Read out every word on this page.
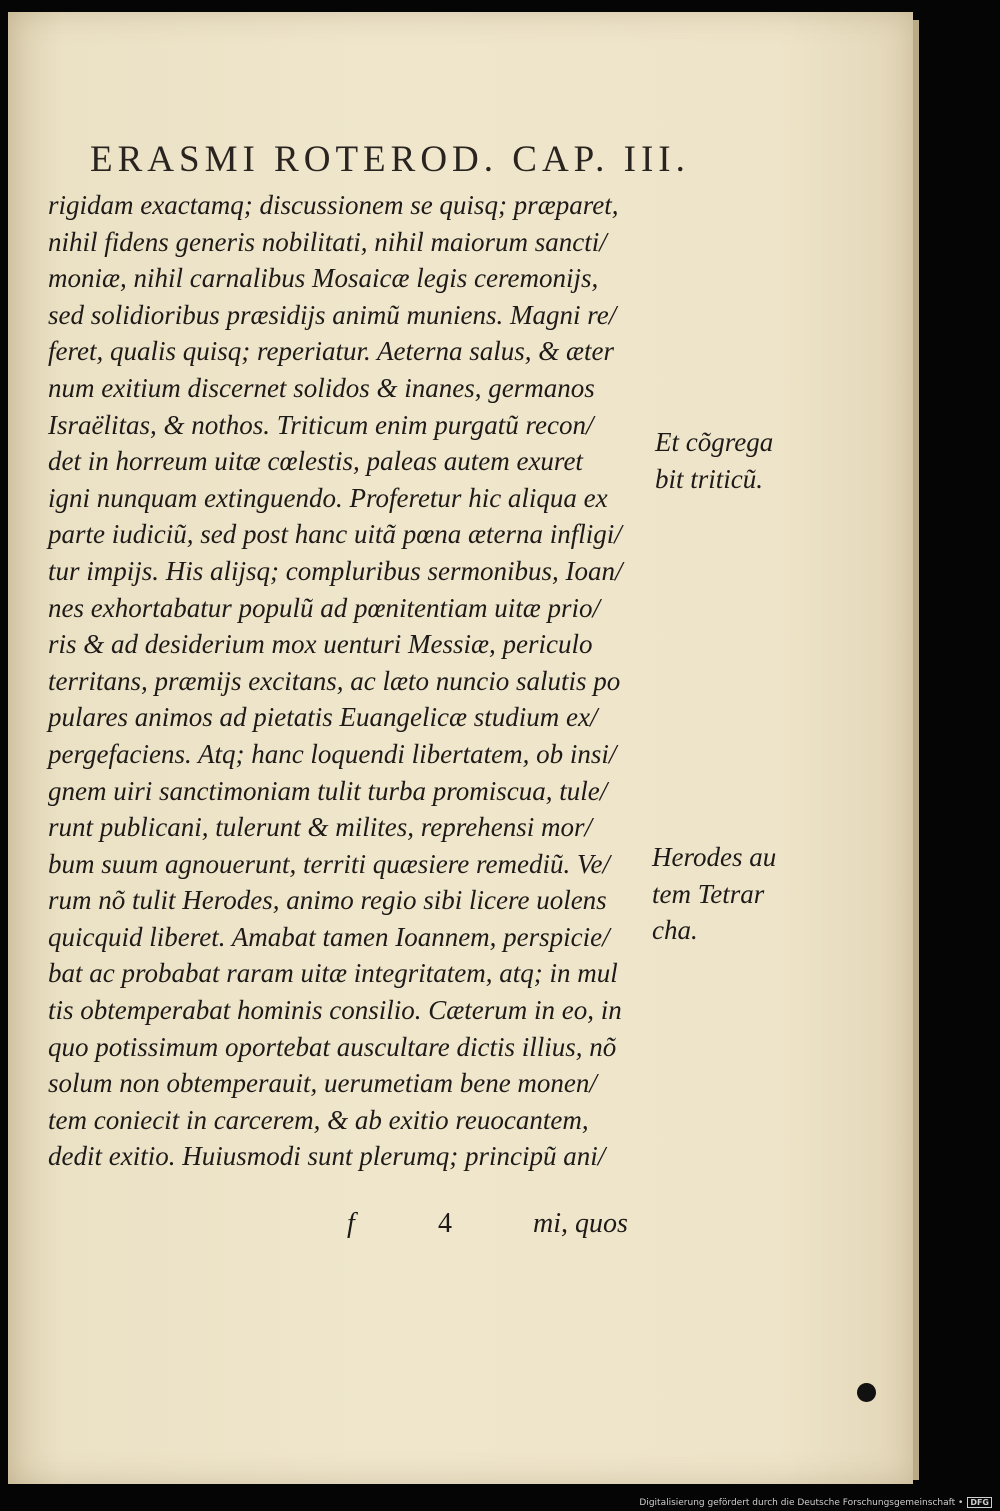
ERASMI ROTEROD. CAP. III.
rigidam exactamq; discussionem se quisq; præparet,
nihil fidens generis nobilitati, nihil maiorum sancti/
moniæ, nihil carnalibus Mosaicæ legis ceremonijs,
sed solidioribus præsidijs animũ muniens. Magni re/
feret, qualis quisq; reperiatur. Aeterna salus, & æter
num exitium discernet solidos & inanes, germanos
Israëlitas, & nothos. Triticum enim purgatũ recon/
det in horreum uitæ cœlestis, paleas autem exuret
igni nunquam extinguendo. Proferetur hic aliqua ex
parte iudiciũ, sed post hanc uitã pœna æterna infligi/
tur impijs. His alijsq; compluribus sermonibus, Ioan/
nes exhortabatur populũ ad pœnitentiam uitæ prio/
ris & ad desiderium mox uenturi Messiæ, periculo
territans, præmijs excitans, ac læto nuncio salutis po
pulares animos ad pietatis Euangelicæ studium ex/
pergefaciens. Atq; hanc loquendi libertatem, ob insi/
gnem uiri sanctimoniam tulit turba promiscua, tule/
runt publicani, tulerunt & milites, reprehensi mor/
bum suum agnouerunt, territi quæsiere remediũ. Ve/
rum nõ tulit Herodes, animo regio sibi licere uolens
quicquid liberet. Amabat tamen Ioannem, perspicie/
bat ac probabat raram uitæ integritatem, atq; in mul
tis obtemperabat hominis consilio. Cæterum in eo, in
quo potissimum oportebat auscultare dictis illius, nõ
solum non obtemperauit, uerumetiam bene monen/
tem coniecit in carcerem, & ab exitio reuocantem,
dedit exitio. Huiusmodi sunt plerumq; principũ ani/
Et cõgrega
bit triticũ.
Herodes au
tem Tetrar
cha.
f	4	mi, quos
Digitalisierung gefördert durch die Deutsche Forschungsgemeinschaft • DFG
